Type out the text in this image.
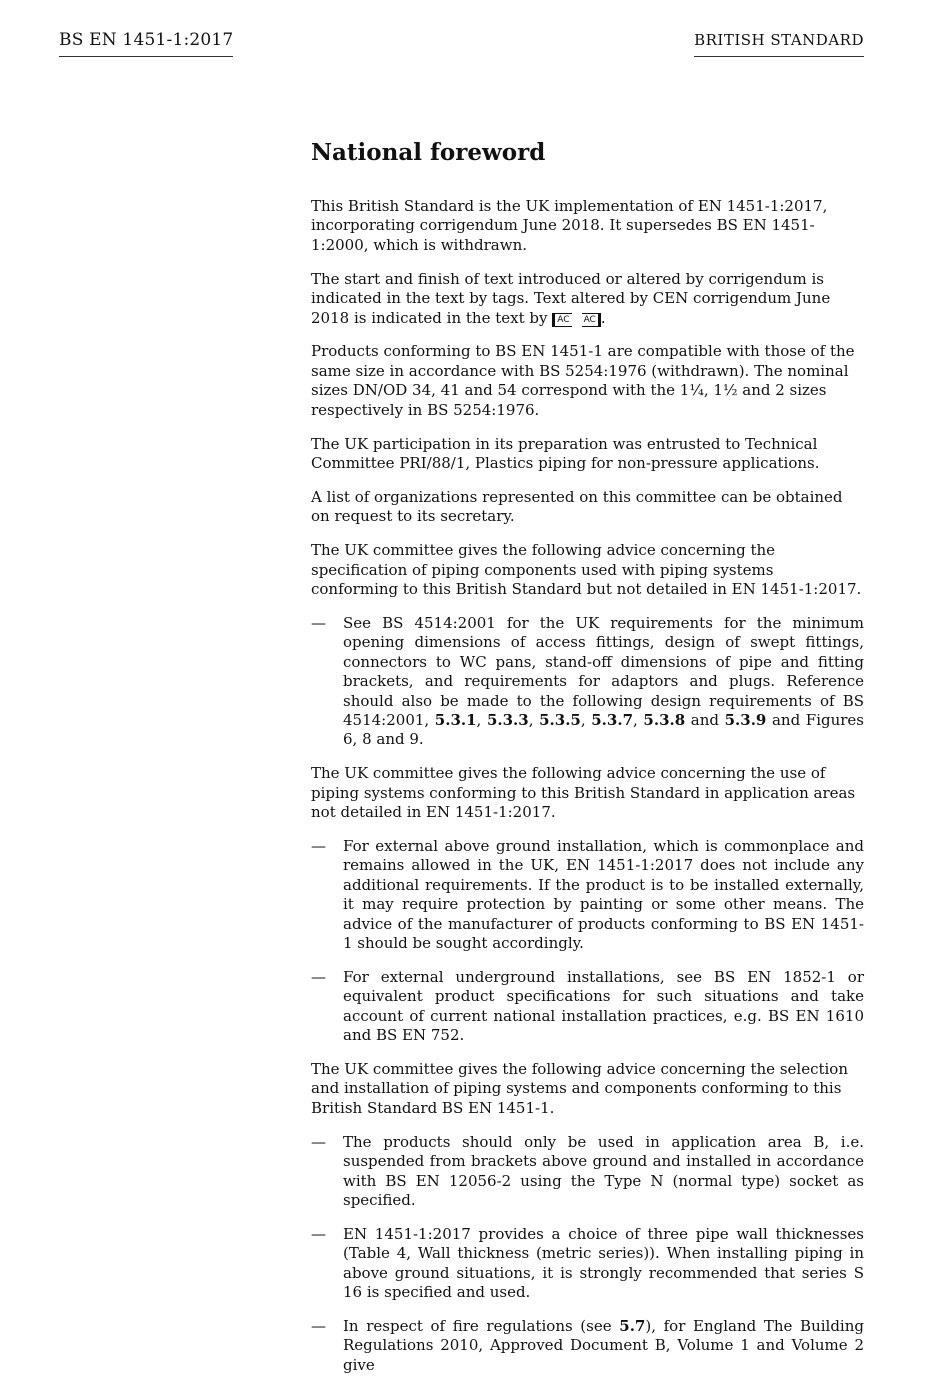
BS EN 1451-1:2017	BRITISH STANDARD
National foreword

This British Standard is the UK implementation of EN 1451-1:2017, incorporating corrigendum June 2018. It supersedes BS EN 1451-1:2000, which is withdrawn.

The start and finish of text introduced or altered by corrigendum is indicated in the text by tags. Text altered by CEN corrigendum June 2018 is indicated in the text by AC AC .

Products conforming to BS EN 1451-1 are compatible with those of the same size in accordance with BS 5254:1976 (withdrawn). The nominal sizes DN/OD 34, 41 and 54 correspond with the 1¼, 1½ and 2 sizes respectively in BS 5254:1976.

The UK participation in its preparation was entrusted to Technical Committee PRI/88/1, Plastics piping for non-pressure applications.

A list of organizations represented on this committee can be obtained on request to its secretary.

The UK committee gives the following advice concerning the specification of piping components used with piping systems conforming to this British Standard but not detailed in EN 1451-1:2017.

—	See BS 4514:2001 for the UK requirements for the minimum opening dimensions of access fittings, design of swept fittings, connectors to WC pans, stand-off dimensions of pipe and fitting brackets, and requirements for adaptors and plugs. Reference should also be made to the following design requirements of BS 4514:2001, 5.3.1, 5.3.3, 5.3.5, 5.3.7, 5.3.8 and 5.3.9 and Figures 6, 8 and 9.

The UK committee gives the following advice concerning the use of piping systems conforming to this British Standard in application areas not detailed in EN 1451-1:2017.

—	For external above ground installation, which is commonplace and remains allowed in the UK, EN 1451-1:2017 does not include any additional requirements. If the product is to be installed externally, it may require protection by painting or some other means. The advice of the manufacturer of products conforming to BS EN 1451-1 should be sought accordingly.
—	For external underground installations, see BS EN 1852-1 or equivalent product specifications for such situations and take account of current national installation practices, e.g. BS EN 1610 and BS EN 752.

The UK committee gives the following advice concerning the selection and installation of piping systems and components conforming to this British Standard BS EN 1451-1.

—	The products should only be used in application area B, i.e. suspended from brackets above ground and installed in accordance with BS EN 12056-2 using the Type N (normal type) socket as specified.
—	EN 1451-1:2017 provides a choice of three pipe wall thicknesses (Table 4, Wall thickness (metric series)). When installing piping in above ground situations, it is strongly recommended that series S 16 is specified and used.
—	In respect of fire regulations (see 5.7), for England The Building Regulations 2010, Approved Document B, Volume 1 and Volume 2 give
